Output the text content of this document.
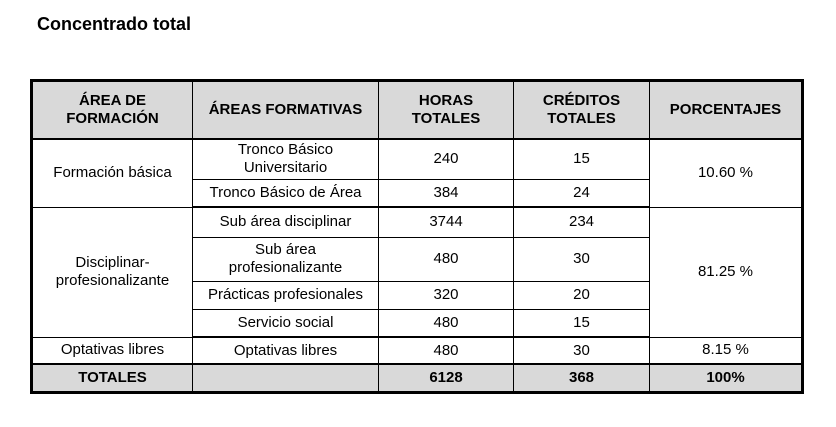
Concentrado total
ÁREA DE FORMACIÓN	ÁREAS FORMATIVAS	HORAS TOTALES	CRÉDITOS TOTALES	PORCENTAJES
Formación básica	Tronco Básico Universitario	240	15	10.60 %
	Tronco Básico de Área	384	24	
Disciplinar-profesionalizante	Sub área disciplinar	3744	234	81.25 %
	Sub área profesionalizante	480	30	
	Prácticas profesionales	320	20	
	Servicio social	480	15	
Optativas libres	Optativas libres	480	30	8.15 %
TOTALES		6128	368	100%
